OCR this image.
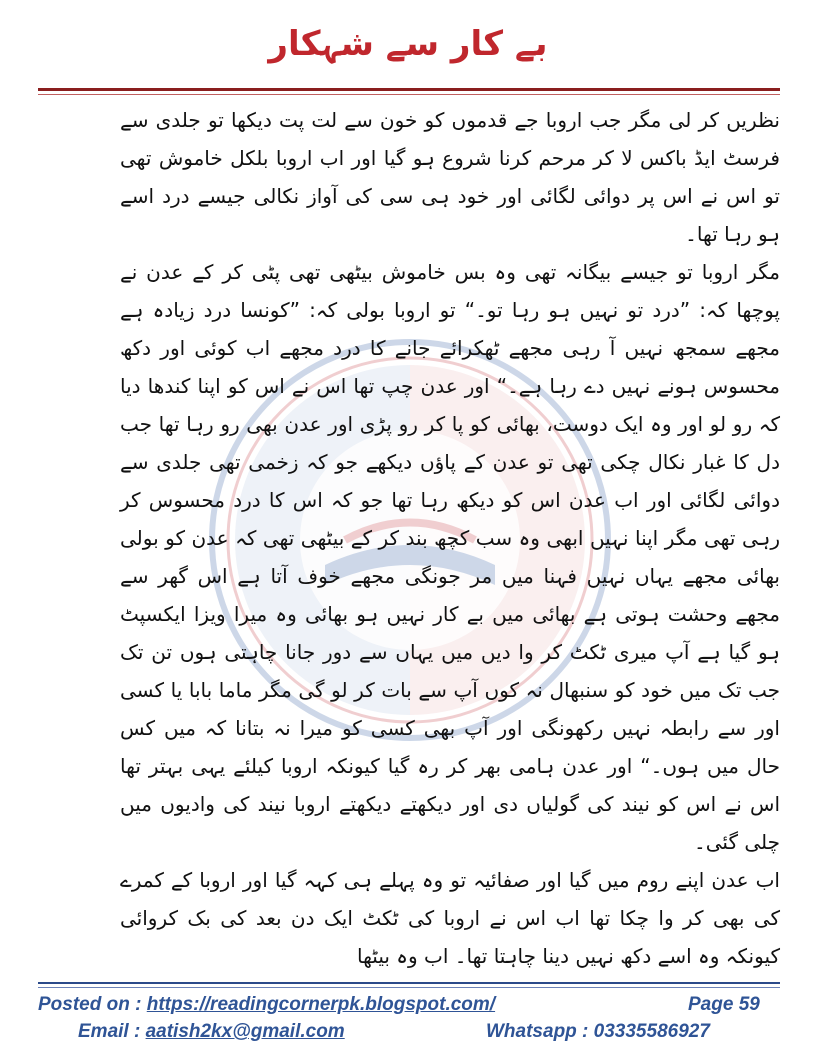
بے کار سے شہکار

نظریں کر لی مگر جب اروبا جے قدموں کو خون سے لت پت دیکھا تو جلدی سے فرسٹ ایڈ باکس لا کر مرحم کرنا شروع ہو گیا اور اب اروبا بلکل خاموش تھی تو اس نے اس پر دوائی لگائی اور خود ہی سی کی آواز نکالی جیسے درد اسے ہو رہا تھا۔

مگر اروبا تو جیسے بیگانہ تھی وہ بس خاموش بیٹھی تھی پٹی کر کے عدن نے پوچھا کہ: ”درد تو نہیں ہو رہا تو۔“ تو اروبا بولی کہ: ”کونسا درد زیادہ ہے مجھے سمجھ نہیں آ رہی مجھے ٹھکرائے جانے کا درد مجھے اب کوئی اور دکھ محسوس ہونے نہیں دے رہا ہے۔“ اور عدن چپ تھا اس نے اس کو اپنا کندھا دیا کہ رو لو اور وہ ایک دوست، بھائی کو پا کر رو پڑی اور عدن بھی رو رہا تھا جب دل کا غبار نکال چکی تھی تو عدن کے پاؤں دیکھے جو کہ زخمی تھی جلدی سے دوائی لگائی اور اب عدن اس کو دیکھ رہا تھا جو کہ اس کا درد محسوس کر رہی تھی مگر اپنا نہیں ابھی وہ سب کچھ بند کر کے بیٹھی تھی کہ عدن کو بولی بھائی مجھے یہاں نہیں فہنا میں مر جونگی مجھے خوف آتا ہے اس گھر سے مجھے وحشت ہوتی ہے بھائی میں بے کار نہیں ہو بھائی وہ میرا ویزا ایکسپٹ ہو گیا ہے آپ میری ٹکٹ کر وا دیں میں یہاں سے دور جانا چاہتی ہوں تن تک جب تک میں خود کو سنبھال نہ کوں آپ سے بات کر لو گی مگر ماما بابا یا کسی اور سے رابطہ نہیں رکھونگی اور آپ بھی کسی کو میرا نہ بتانا کہ میں کس حال میں ہوں۔“ اور عدن ہامی بھر کر رہ گیا کیونکہ اروبا کیلئے یہی بہتر تھا اس نے اس کو نیند کی گولیاں دی اور دیکھتے دیکھتے اروبا نیند کی وادیوں میں چلی گئی۔

اب عدن اپنے روم میں گیا اور صفائیہ تو وہ پہلے ہی کہہ گیا اور اروبا کے کمرے کی بھی کر وا چکا تھا اب اس نے اروبا کی ٹکٹ ایک دن بعد کی بک کروائی کیونکہ وہ اسے دکھ نہیں دینا چاہتا تھا۔ اب وہ بیٹھا

Posted on : https://readingcornerpk.blogspot.com/	Page 59
Email : aatish2kx@gmail.com	Whatsapp : 03335586927
